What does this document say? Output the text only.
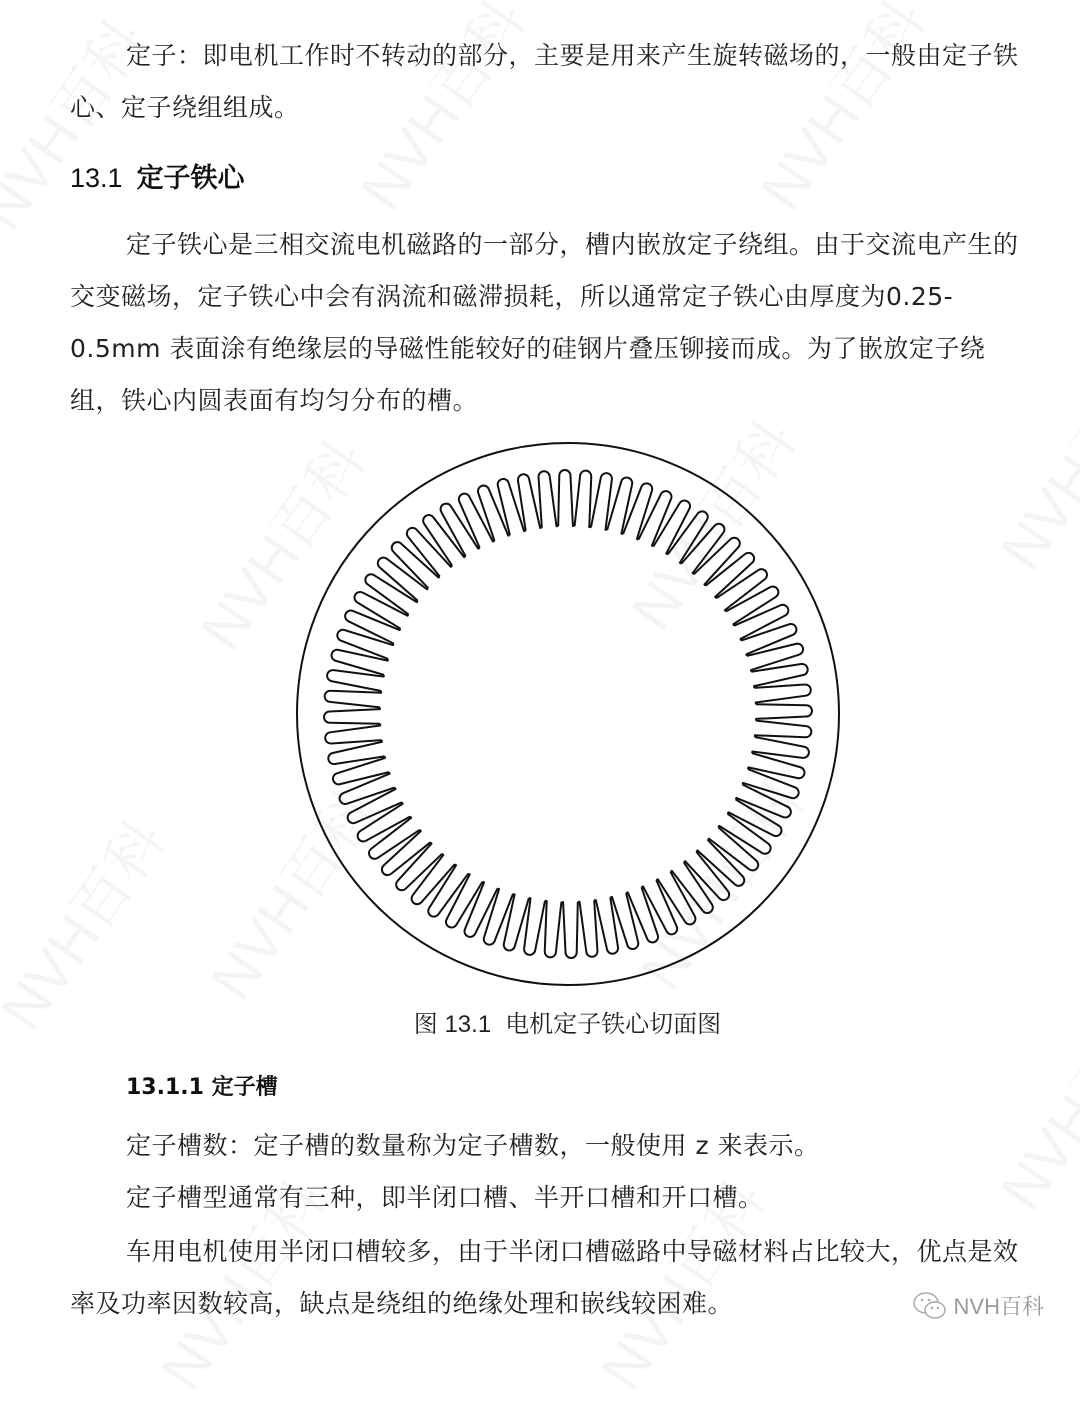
定子：即电机工作时不转动的部分，主要是用来产生旋转磁场的，一般由定子铁心、定子绕组组成。

13.1 定子铁心

定子铁心是三相交流电机磁路的一部分，槽内嵌放定子绕组。由于交流电产生的交变磁场，定子铁心中会有涡流和磁滞损耗，所以通常定子铁心由厚度为0.25-0.5mm 表面涂有绝缘层的导磁性能较好的硅钢片叠压铆接而成。为了嵌放定子绕组，铁心内圆表面有均匀分布的槽。

图 13.1 电机定子铁心切面图
13.1.1 定子槽

定子槽数：定子槽的数量称为定子槽数，一般使用 z 来表示。

定子槽型通常有三种，即半闭口槽、半开口槽和开口槽。

车用电机使用半闭口槽较多，由于半闭口槽磁路中导磁材料占比较大，优点是效率及功率因数较高，缺点是绕组的绝缘处理和嵌线较困难。	NVH百科
